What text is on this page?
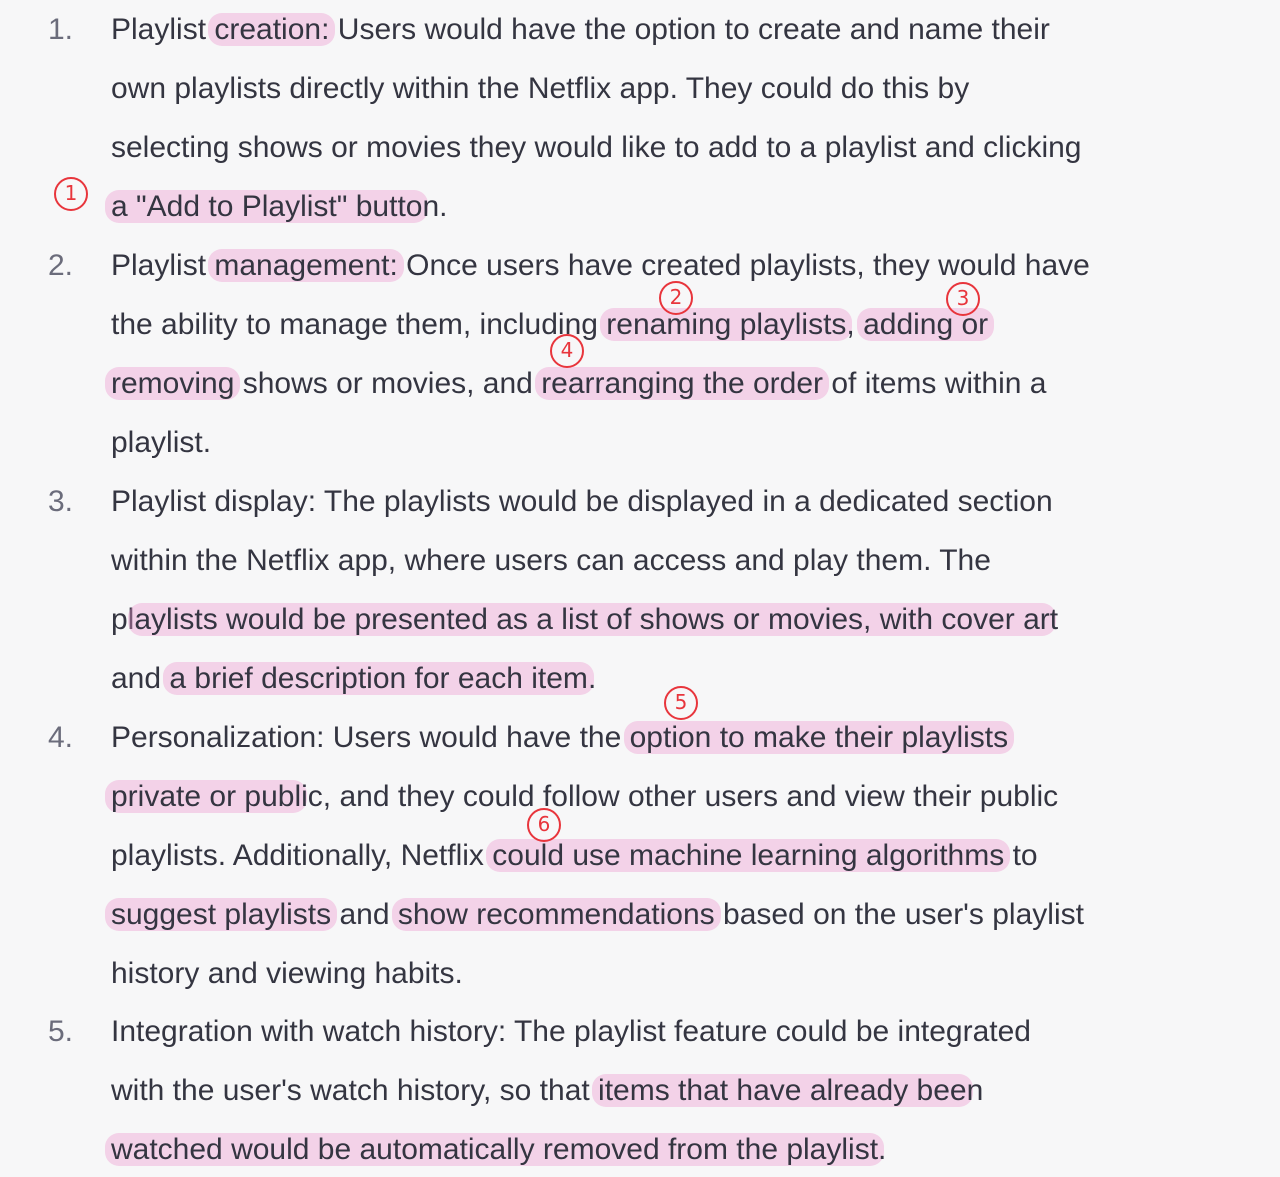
1.	Playlist creation: Users would have the option to create and name their
own playlists directly within the Netflix app. They could do this by
selecting shows or movies they would like to add to a playlist and clicking
a "Add to Playlist" button.

2.	Playlist management: Once users have created playlists, they would have
the ability to manage them, including renaming playlists, adding or
removing shows or movies, and rearranging the order of items within a
playlist.

3.	Playlist display: The playlists would be displayed in a dedicated section
within the Netflix app, where users can access and play them. The
playlists would be presented as a list of shows or movies, with cover art
and a brief description for each item.

4.	Personalization: Users would have the option to make their playlists
private or public, and they could follow other users and view their public
playlists. Additionally, Netflix could use machine learning algorithms to
suggest playlists and show recommendations based on the user's playlist
history and viewing habits.

5.	Integration with watch history: The playlist feature could be integrated
with the user's watch history, so that items that have already been
watched would be automatically removed from the playlist.

1
2	3
4
5
6
